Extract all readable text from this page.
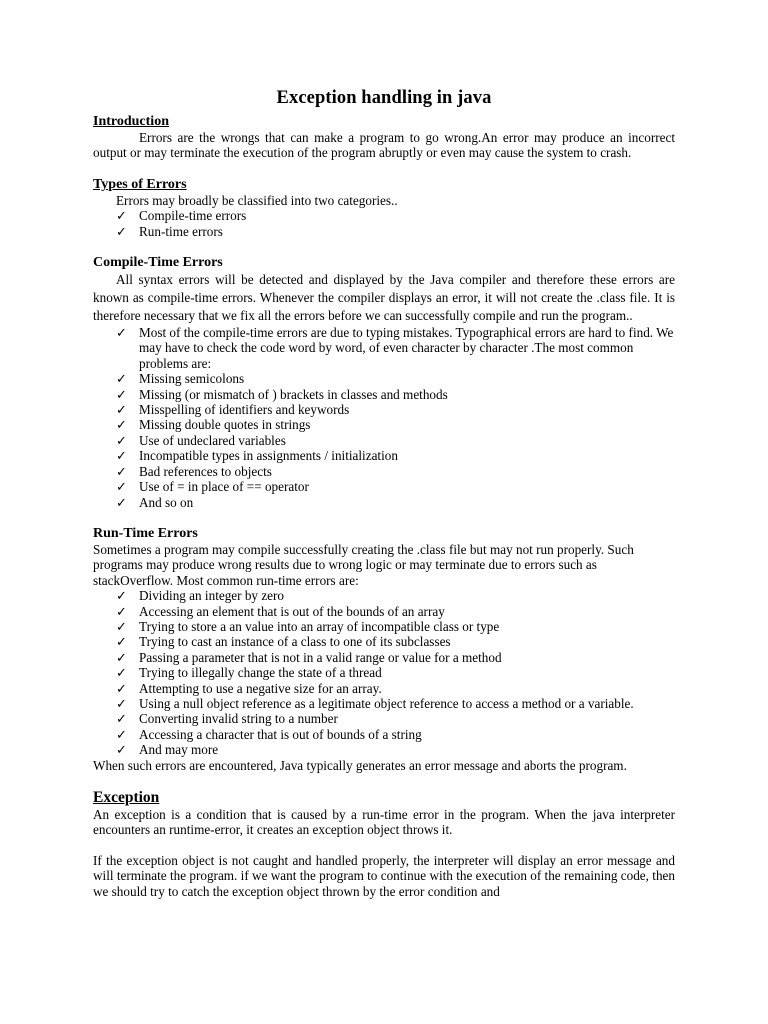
Exception handling in java
Introduction

Errors are the wrongs that can make a program to go wrong.An error may produce an incorrect output or may terminate the execution of the program abruptly or even may cause the system to crash.

Types of Errors

Errors may broadly be classified into two categories..

✓ Compile-time errors
✓ Run-time errors
Compile-Time Errors

All syntax errors will be detected and displayed by the Java compiler and therefore these errors are known as compile-time errors. Whenever the compiler displays an error, it will not create the .class file. It is therefore necessary that we fix all the errors before we can successfully compile and run the program..

✓ Most of the compile-time errors are due to typing mistakes. Typographical errors are hard to find. We may have to check the code word by word, of even character by character .The most common problems are:
✓ Missing semicolons
✓ Missing (or mismatch of ) brackets in classes and methods
✓ Misspelling of identifiers and keywords
✓ Missing double quotes in strings
✓ Use of undeclared variables
✓ Incompatible types in assignments / initialization
✓ Bad references to objects
✓ Use of = in place of == operator
✓ And so on
Run-Time Errors

Sometimes a program may compile successfully creating the .class file but may not run properly. Such programs may produce wrong results due to wrong logic or may terminate due to errors such as stackOverflow. Most common run-time errors are:

✓ Dividing an integer by zero
✓ Accessing an element that is out of the bounds of an array
✓ Trying to store a an value into an array of incompatible class or type
✓ Trying to cast an instance of a class to one of its subclasses
✓ Passing a parameter that is not in a valid range or value for a method
✓ Trying to illegally change the state of a thread
✓ Attempting to use a negative size for an array.
✓ Using a null object reference as a legitimate object reference to access a method or a variable.
✓ Converting invalid string to a number
✓ Accessing a character that is out of bounds of a string
✓ And may more

When such errors are encountered, Java typically generates an error message and aborts the program.

Exception

An exception is a condition that is caused by a run-time error in the program. When the java interpreter encounters an runtime-error, it creates an exception object throws it.

If the exception object is not caught and handled properly, the interpreter will display an error message and will terminate the program. if we want the program to continue with the execution of the remaining code, then we should try to catch the exception object thrown by the error condition and
